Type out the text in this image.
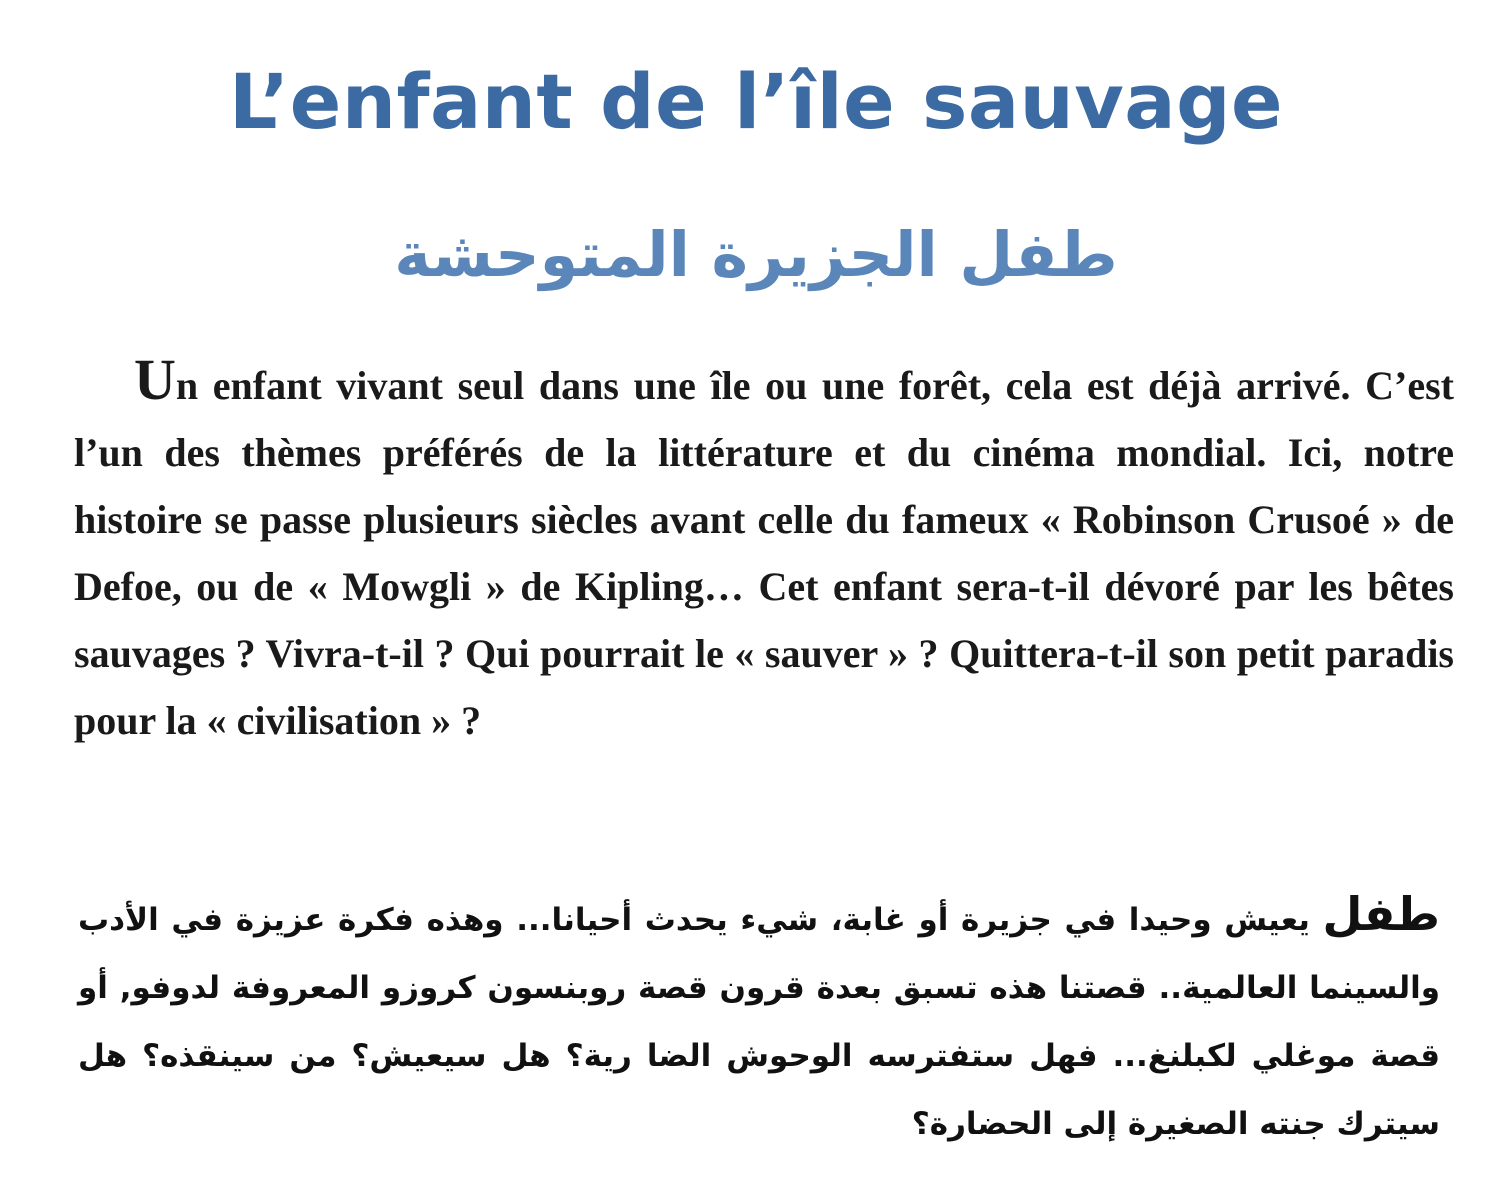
L’enfant de l’île sauvage
طفل الجزيرة المتوحشة

Un enfant vivant seul dans une île ou une forêt, cela est déjà arrivé. C’est l’un des thèmes préférés de la littérature et du cinéma mondial. Ici, notre histoire se passe plusieurs siècles avant celle du fameux « Robinson Crusoé » de Defoe, ou de « Mowgli » de Kipling… Cet enfant sera-t-il dévoré par les bêtes sauvages ? Vivra-t-il ? Qui pourrait le « sauver » ? Quittera-t-il son petit paradis pour la « civilisation » ?

طفل يعيش وحيدا في جزيرة أو غابة، شيء يحدث أحيانا... وهذه فكرة عزيزة في الأدب والسينما العالمية.. قصتنا هذه تسبق بعدة قرون قصة روبنسون كروزو المعروفة لدوفو, أو قصة موغلي لكبلنغ... فهل ستفترسه الوحوش الضا رية؟ هل سيعيش؟ من سينقذه؟ هل سيترك جنته الصغيرة إلى الحضارة؟
